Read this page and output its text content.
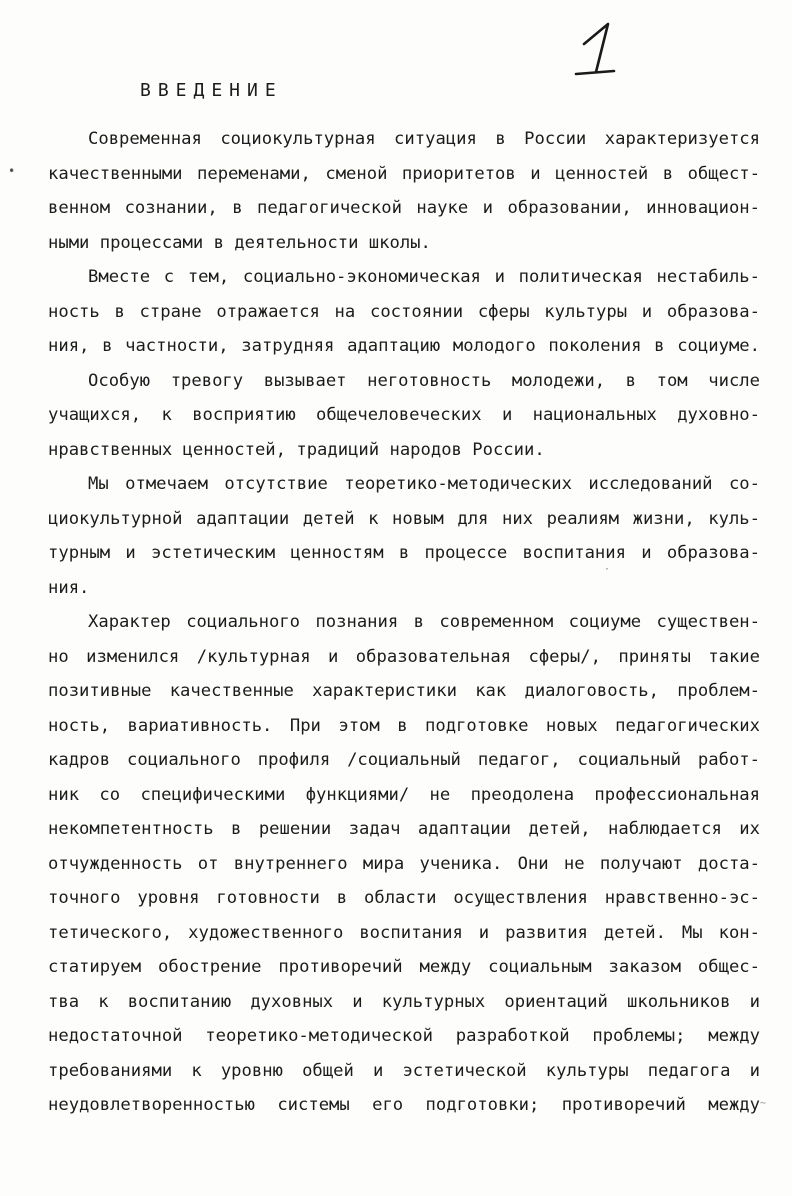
•
·
~
ВВЕДЕНИЕ
Современная социокультурная ситуация в России характеризуется
качественными переменами, сменой приоритетов и ценностей в общест-
венном сознании, в педагогической науке и образовании, инновацион-
ными процессами в деятельности школы.
Вместе с тем, социально-экономическая и политическая нестабиль-
ность в стране отражается на состоянии сферы культуры и образова-
ния, в частности, затрудняя адаптацию молодого поколения в социуме.
Особую тревогу вызывает неготовность молодежи, в том числе
учащихся, к восприятию общечеловеческих и национальных духовно-
нравственных ценностей, традиций народов России.
Мы отмечаем отсутствие теоретико-методических исследований со-
циокультурной адаптации детей к новым для них реалиям жизни, куль-
турным и эстетическим ценностям в процессе воспитания и образова-
ния.
Характер социального познания в современном социуме существен-
но изменился /культурная и образовательная сферы/, приняты такие
позитивные качественные характеристики как диалоговость, проблем-
ность, вариативность. При этом в подготовке новых педагогических
кадров социального профиля /социальный педагог, социальный работ-
ник со специфическими функциями/ не преодолена профессиональная
некомпетентность в решении задач адаптации детей, наблюдается их
отчужденность от внутреннего мира ученика. Они не получают доста-
точного уровня готовности в области осуществления нравственно-эс-
тетического, художественного воспитания и развития детей. Мы кон-
статируем обострение противоречий между социальным заказом общес-
тва к воспитанию духовных и культурных ориентаций школьников и
недостаточной теоретико-методической разработкой проблемы; между
требованиями к уровню общей и эстетической культуры педагога и
неудовлетворенностью системы его подготовки; противоречий между
